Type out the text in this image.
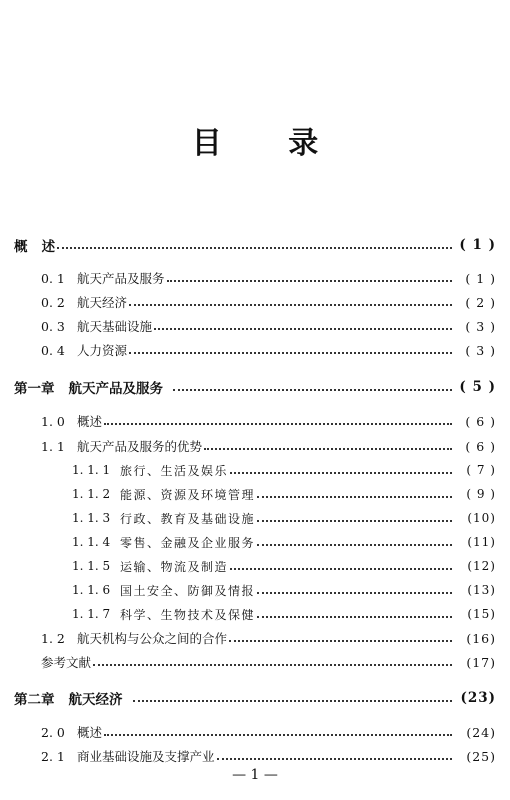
目 录
概   述	( 1 )
0. 1 航天产品及服务	( 1 )
0. 2 航天经济	( 2 )
0. 3 航天基础设施	( 3 )
0. 4 人力资源	( 3 )
第一章 航天产品及服务	( 5 )
1. 0 概述	( 6 )
1. 1 航天产品及服务的优势	( 6 )
1. 1. 1 旅行、生活及娱乐	( 7 )
1. 1. 2 能源、资源及环境管理	( 9 )
1. 1. 3 行政、教育及基础设施	(10)
1. 1. 4 零售、金融及企业服务	(11)
1. 1. 5 运输、物流及制造	(12)
1. 1. 6 国土安全、防御及情报	(13)
1. 1. 7 科学、生物技术及保健	(15)
1. 2 航天机构与公众之间的合作	(16)
参考文献	(17)
第二章 航天经济	(23)
2. 0 概述	(24)
2. 1 商业基础设施及支撑产业	(25)
— 1 —
